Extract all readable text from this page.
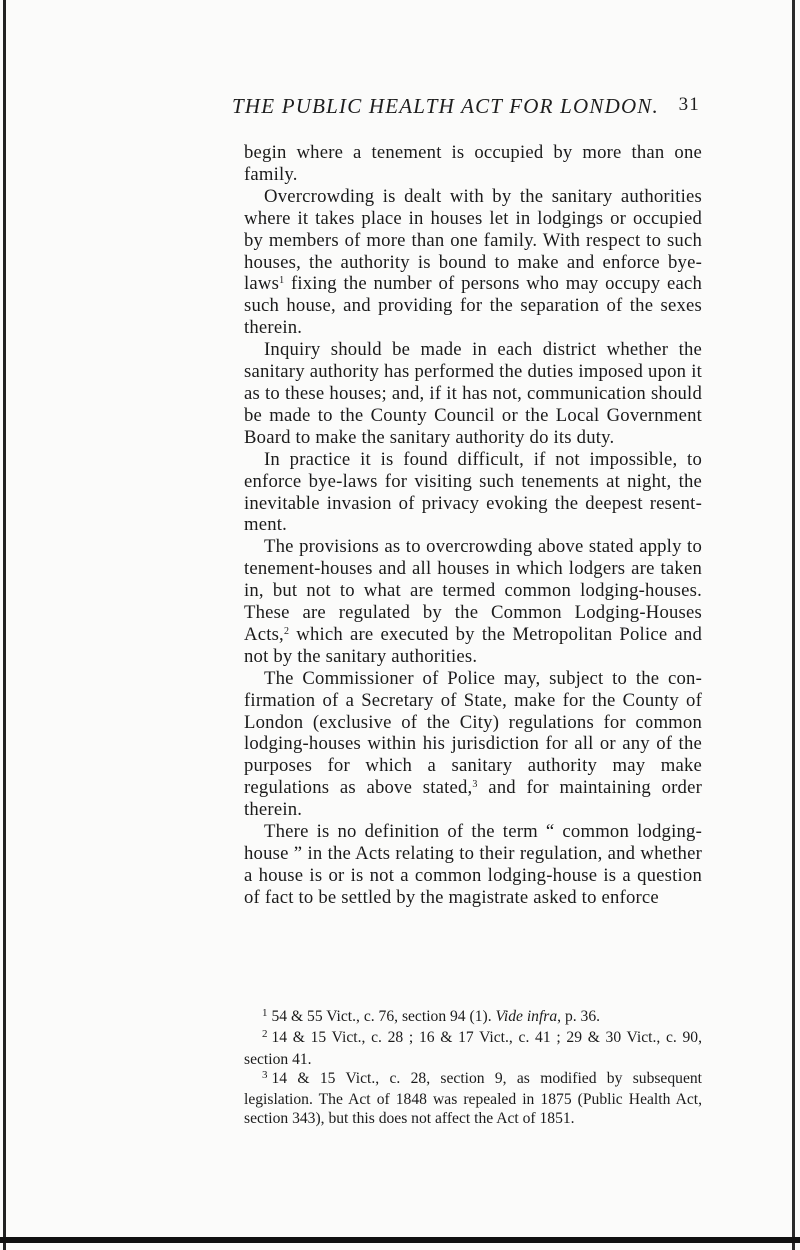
THE PUBLIC HEALTH ACT FOR LONDON. 31

begin where a tenement is occupied by more than one family.

Overcrowding is dealt with by the sanitary authorities where it takes place in houses let in lodgings or occupied by members of more than one family. With respect to such houses, the authority is bound to make and enforce bye-laws$^1$ fixing the number of persons who may occupy each such house, and providing for the separation of the sexes therein.

Inquiry should be made in each district whether the sanitary authority has performed the duties imposed upon it as to these houses; and, if it has not, communication should be made to the County Council or the Local Government Board to make the sanitary authority do its duty.

In practice it is found difficult, if not impossible, to enforce bye-laws for visiting such tenements at night, the inevitable invasion of privacy evoking the deepest resent-ment.

The provisions as to overcrowding above stated apply to tenement-houses and all houses in which lodgers are taken in, but not to what are termed common lodging-houses. These are regulated by the Common Lodging-Houses Acts,$^2$ which are executed by the Metropolitan Police and not by the sanitary authorities.

The Commissioner of Police may, subject to the con-firmation of a Secretary of State, make for the County of London (exclusive of the City) regulations for common lodging-houses within his jurisdiction for all or any of the purposes for which a sanitary authority may make regulations as above stated,$^3$ and for maintaining order therein.

There is no definition of the term “ common lodging-house ” in the Acts relating to their regulation, and whether a house is or is not a common lodging-house is a question of fact to be settled by the magistrate asked to enforce

$^1$ 54 & 55 Vict., c. 76, section 94 (1). Vide infra, p. 36.

$^2$ 14 & 15 Vict., c. 28 ; 16 & 17 Vict., c. 41 ; 29 & 30 Vict., c. 90, section 41.

$^3$ 14 & 15 Vict., c. 28, section 9, as modified by subsequent legislation. The Act of 1848 was repealed in 1875 (Public Health Act, section 343), but this does not affect the Act of 1851.
